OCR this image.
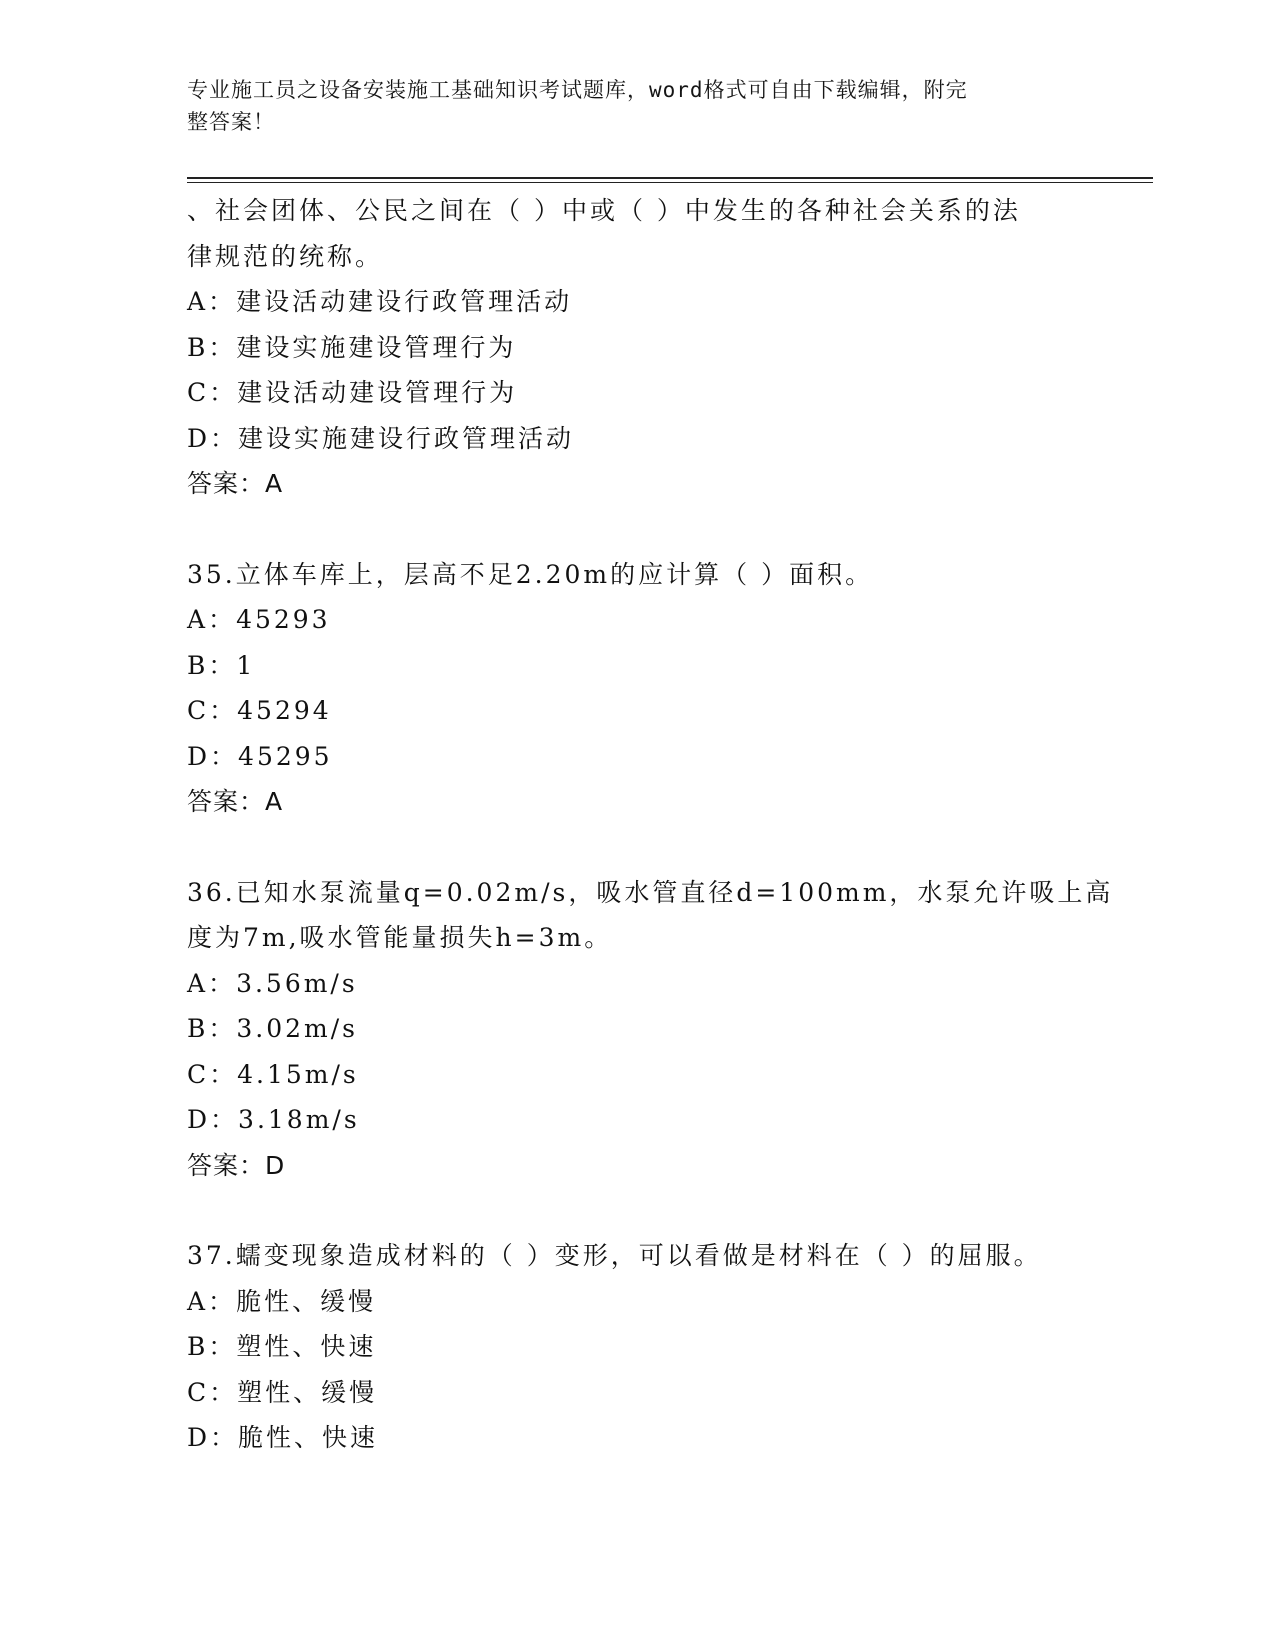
专业施工员之设备安装施工基础知识考试题库，word格式可自由下载编辑，附完
整答案！
、社会团体、公民之间在（ ）中或（ ）中发生的各种社会关系的法
律规范的统称。
A：建设活动建设行政管理活动
B：建设实施建设管理行为
C：建设活动建设管理行为
D：建设实施建设行政管理活动
答案：A
35.立体车库上，层高不足2.20m的应计算（ ）面积。
A：45293
B：1
C：45294
D：45295
答案：A
36.已知水泵流量q=0.02m/s，吸水管直径d=100mm，水泵允许吸上高
度为7m,吸水管能量损失h=3m。
A：3.56m/s
B：3.02m/s
C：4.15m/s
D：3.18m/s
答案：D
37.蠕变现象造成材料的（ ）变形，可以看做是材料在（ ）的屈服。
A：脆性、缓慢
B：塑性、快速
C：塑性、缓慢
D：脆性、快速
